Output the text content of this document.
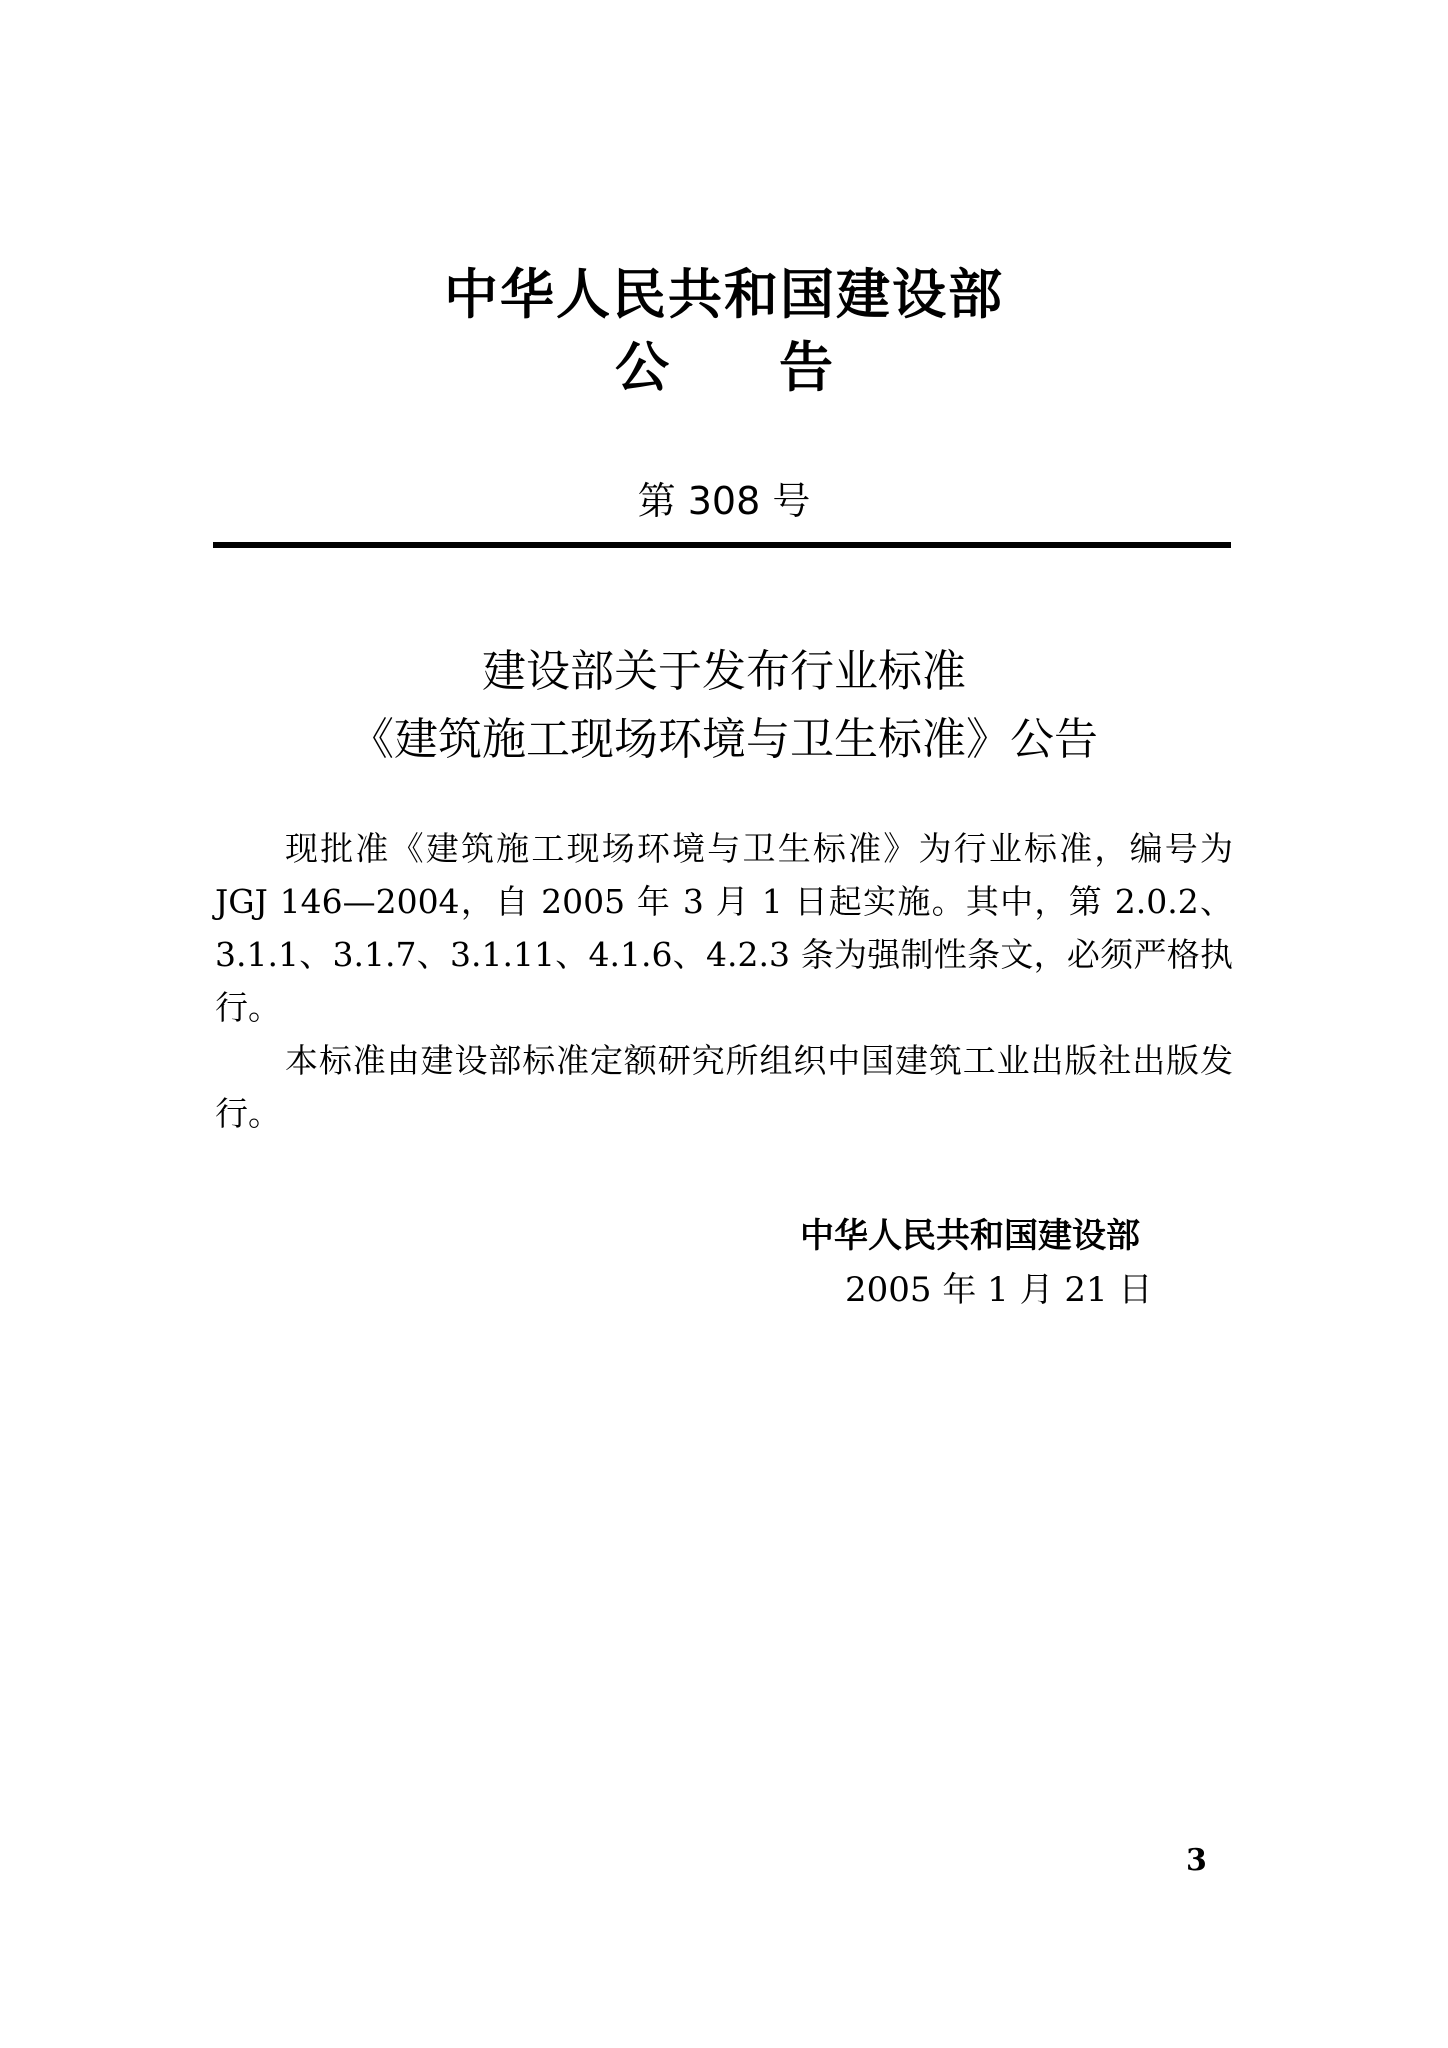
中华人民共和国建设部
公 告
第 308 号
建设部关于发布行业标准
《建筑施工现场环境与卫生标准》公告

现批准《建筑施工现场环境与卫生标准》为行业标准，编号为 JGJ 146—2004，自 2005 年 3 月 1 日起实施。其中，第 2.0.2、3.1.1、3.1.7、3.1.11、4.1.6、4.2.3 条为强制性条文，必须严格执行。

本标准由建设部标准定额研究所组织中国建筑工业出版社出版发行。

中华人民共和国建设部
2005 年 1 月 21 日
3
